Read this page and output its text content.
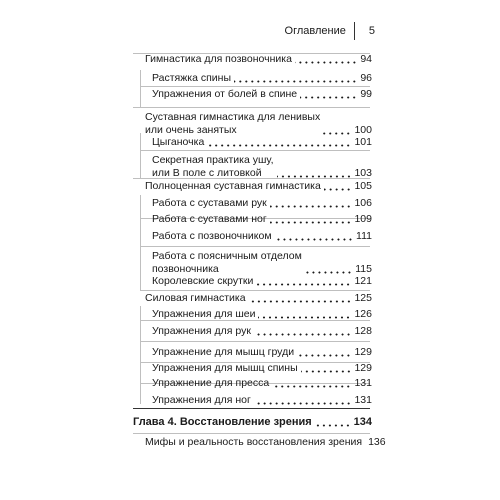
Оглавление	5
Гимнастика для позвоночника	94
Растяжка спины	96
Упражнения от болей в спине	99
Суставная гимнастика для ленивых
или очень занятых	100
Цыганочка	101
Секретная практика ушу,
или В поле с литовкой	103
Полноценная суставная гимнастика	105
Работа с суставами рук	106
Работа с суставами ног	109
Работа с позвоночником	111
Работа с поясничным отделом
позвоночника	115
Королевские скрутки	121
Силовая гимнастика	125
Упражнения для шеи	126
Упражнения для рук	128
Упражнение для мышц груди	129
Упражнения для мышц спины	129
Упражнение для пресса	131
Упражнения для ног	131
Глава 4. Восстановление зрения	134
Мифы и реальность восстановления зрения 136
